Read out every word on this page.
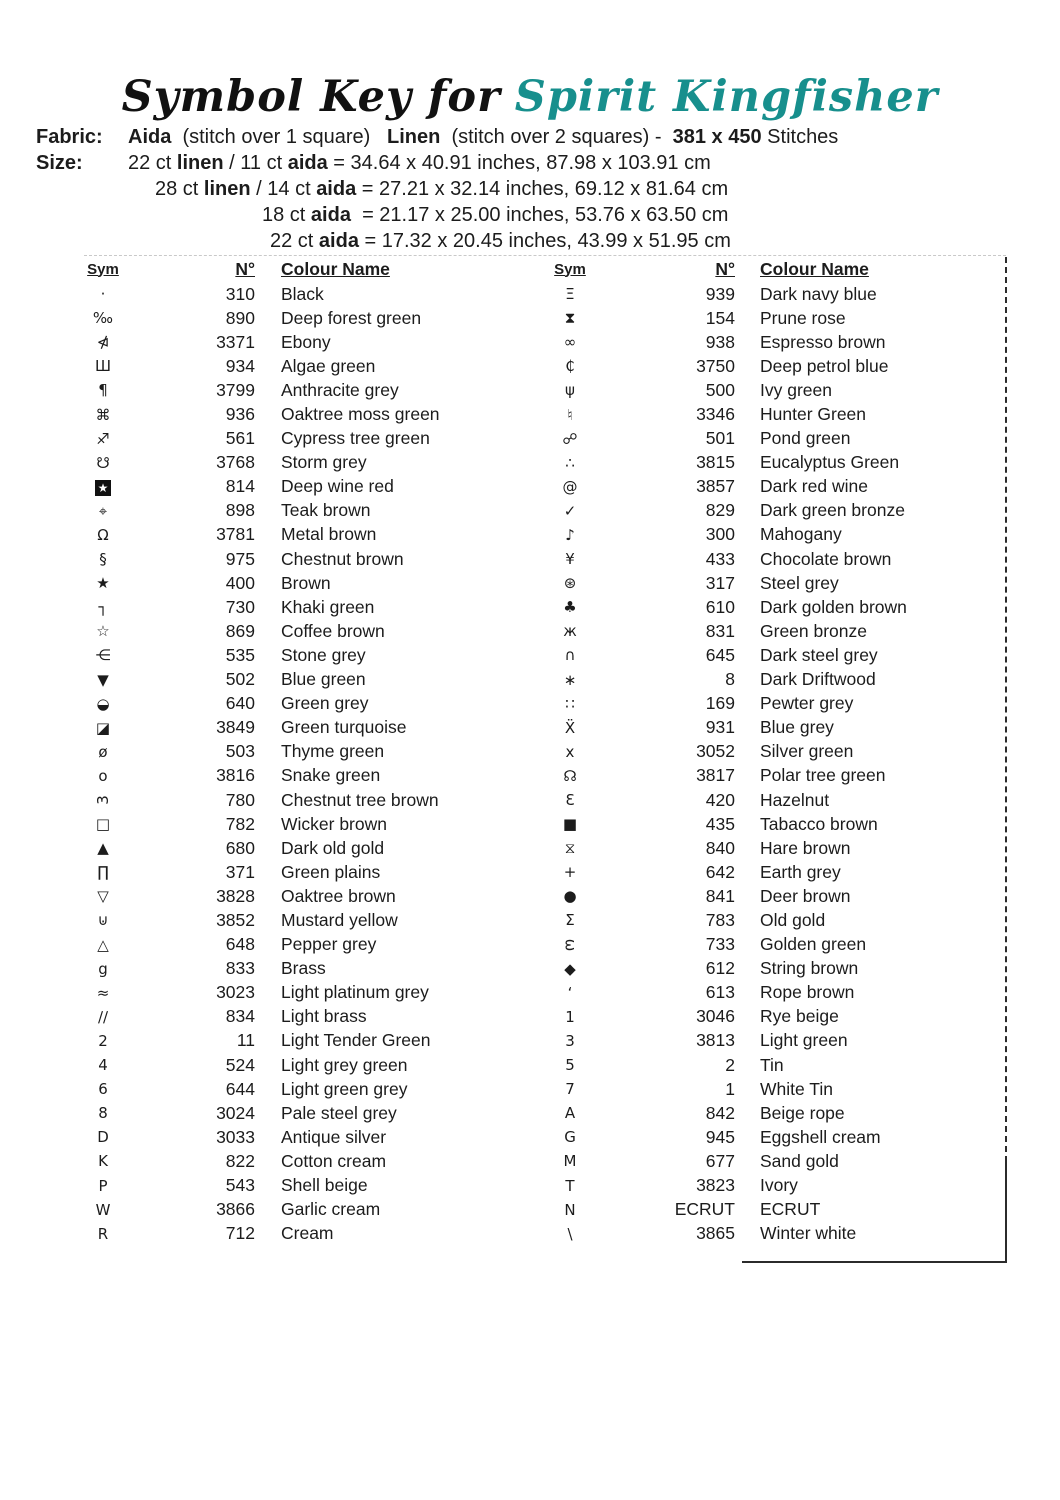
Symbol Key for Spirit Kingfisher
Fabric:	Aida  (stitch over 1 square)   Linen  (stitch over 2 squares) -  381 x 450 Stitches
Size:	22 ct linen / 11 ct aida = 34.64 x 40.91 inches, 87.98 x 103.91 cm
28 ct linen / 14 ct aida = 27.21 x 32.14 inches, 69.12 x 81.64 cm
18 ct aida  = 21.17 x 25.00 inches, 53.76 x 63.50 cm
22 ct aida = 17.32 x 20.45 inches, 43.99 x 51.95 cm
Sym	N°	Colour Name
·	310	Black
‰	890	Deep forest green
⋪	3371	Ebony
Ш	934	Algae green
¶	3799	Anthracite grey
⌘	936	Oaktree moss green
♐	561	Cypress tree green
☋	3768	Storm grey
★	814	Deep wine red
⌖	898	Teak brown
Ω	3781	Metal brown
§	975	Chestnut brown
★	400	Brown
┐	730	Khaki green
☆	869	Coffee brown
⋲	535	Stone grey
▼	502	Blue green
◒	640	Green grey
◪	3849	Green turquoise
ø	503	Thyme green
o	3816	Snake green
3	780	Chestnut tree brown
□	782	Wicker brown
▲	680	Dark old gold
∏	371	Green plains
▽	3828	Oaktree brown
⊍	3852	Mustard yellow
△	648	Pepper grey
g	833	Brass
≈	3023	Light platinum grey
∕∕	834	Light brass
2	11	Light Tender Green
4	524	Light grey green
6	644	Light green grey
8	3024	Pale steel grey
D	3033	Antique silver
K	822	Cotton cream
P	543	Shell beige
W	3866	Garlic cream
R	712	Cream
Sym	N°	Colour Name
Ξ	939	Dark navy blue
⧗	154	Prune rose
∞	938	Espresso brown
₵	3750	Deep petrol blue
ψ	500	Ivy green
♮	3346	Hunter Green
☍	501	Pond green
∴	3815	Eucalyptus Green
@	3857	Dark red wine
✓	829	Dark green bronze
♪	300	Mahogany
¥	433	Chocolate brown
⊛	317	Steel grey
♣	610	Dark golden brown
ж	831	Green bronze
∩	645	Dark steel grey
∗	8	Dark Driftwood
∷	169	Pewter grey
Ẍ	931	Blue grey
x	3052	Silver green
☊	3817	Polar tree green
Ɛ	420	Hazelnut
■	435	Tabacco brown
⧖	840	Hare brown
+	642	Earth grey
●	841	Deer brown
Σ	783	Old gold
ω	733	Golden green
◆	612	String brown
‘	613	Rope brown
1	3046	Rye beige
3	3813	Light green
5	2	Tin
7	1	White Tin
A	842	Beige rope
G	945	Eggshell cream
M	677	Sand gold
T	3823	Ivory
N	ECRUT	ECRUT
\	3865	Winter white
